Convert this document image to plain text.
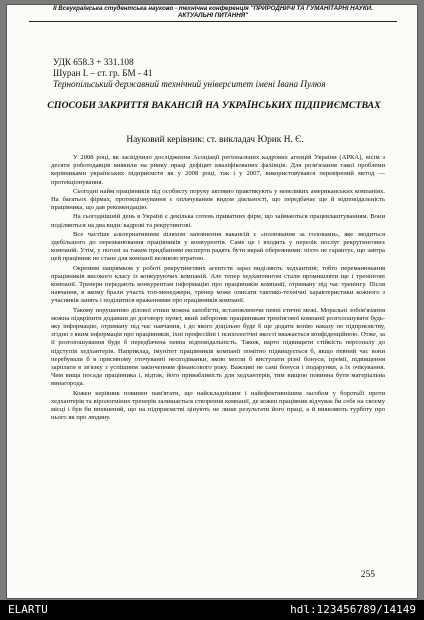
II Всеукраїнська студентська науково - технічна конференція "ПРИРОДНИЧІ ТА ГУМАНІТАРНІ НАУКИ.
АКТУАЛЬНІ ПИТАННЯ"
УДК 658.3 + 331.108
Шуран І. – ст. гр. БМ - 41
Тернопільський державний технічний університет імені Івана Пулюя
СПОСОБИ ЗАКРИТТЯ ВАКАНСІЙ НА УКРАЇНСЬКИХ ПІДПРИЄМСТВАХ
Науковий керівник: ст. викладач Юрик Н. Є.

У 2008 році, як засвідчило дослідження Асоціації регіональних кадрових агенцій України (АРКА), вісім з десяти роботодавців виявили на ринку праці дефіцит кваліфікованих фахівців. Для розв'язання такої проблеми керівниками українських підприємств як у 2008 році, так і у 2007, використовувався перевірений метод — протекціонування.

Сьогодні найм працівників під особисту поруку активно практикують у невеликих американських компаніях. На багатьох фірмах, протекціонування є оплачуваним видом діяльності, що передбачає ще й відповідальність працівника, що дав рекомендацію.

На сьогоднішній день в Україні є декілька сотень приватних фірм, що займаються працевлаштуванням. Вони поділяються на два види: кадрові та рекрутингові.

Все частіше альтернативним шляхом заповнення вакансій є «полювання за головами», яке зводиться здебільшого до переманювання працівників у конкурентів. Саме це і входить у перелік послуг рекрутингових компаній. Утім, у погоні за таким придбанням експерти радять бути вкрай обережними: ніхто не гарантує, що завтра цей працівник не стане для компанії великою втратою.

Окремим напрямком у роботі рекрутингових агентств зараз виділяють хедхантинг, тобто переманювання працівників високого класу із конкуруючих компаній. Але тепер хедхантингом стали промишляти ще і тренінгові компанії. Тренери передають конкурентам інформацію про працівників компанії, отриману під час тренінгу. Після навчання, в якому брали участь топ-менеджери, тренер може описати тактико-технічні характеристики кожного з учасників занять і поділитися враженнями про працівників компанії.

Такому порушенню ділової етики можна запобігти, встановлюючи певні етичні межі. Моральні зобов'язання можна підкріпити додавши до договору пункт, який забороняє працівникам тренінгової компанії розголошувати будь-яку інформацію, отриману під час навчання, і до якого доцільно буде б ще додати копію наказу по підприємству, згідно з яким інформація про працівників, їхні професійні і психологічні якості вважається конфіденційною. Отже, за її розголошування буде б передбачена певна відповідальність. Також, варто підвищити стійкість персоналу до підступів хедхантерів. Наприклад, імунітет працівників компанії помітно підвищується б, якщо певний час вони перебували б в присмному оточуванні несподіванки, якою могли б виступати різні бонуси, премії, підвищення зарплати в зв'язку з успішним закінченням фінансового року. Важливі не самі бонуси і подарунки, а їх очікування. Чим вища посада працівника і, відтак, його привабливість для хедхантерів, тим вищою повинна бути матеріальна винагорода.

Кожен керівник повинен пам'ятати, що найскладнішим і найефективнішим засобом у боротьбі проти хедхантерів та вірологміних тренерів залишається створення компанії, де кожен працівник відчуває би себе на своєму місці і був би впевнений, що на підприємстві цінують не лише результати його праці, а й виявляють турботу про нього як про людину.

255
ELARTU	hdl:123456789/14149
